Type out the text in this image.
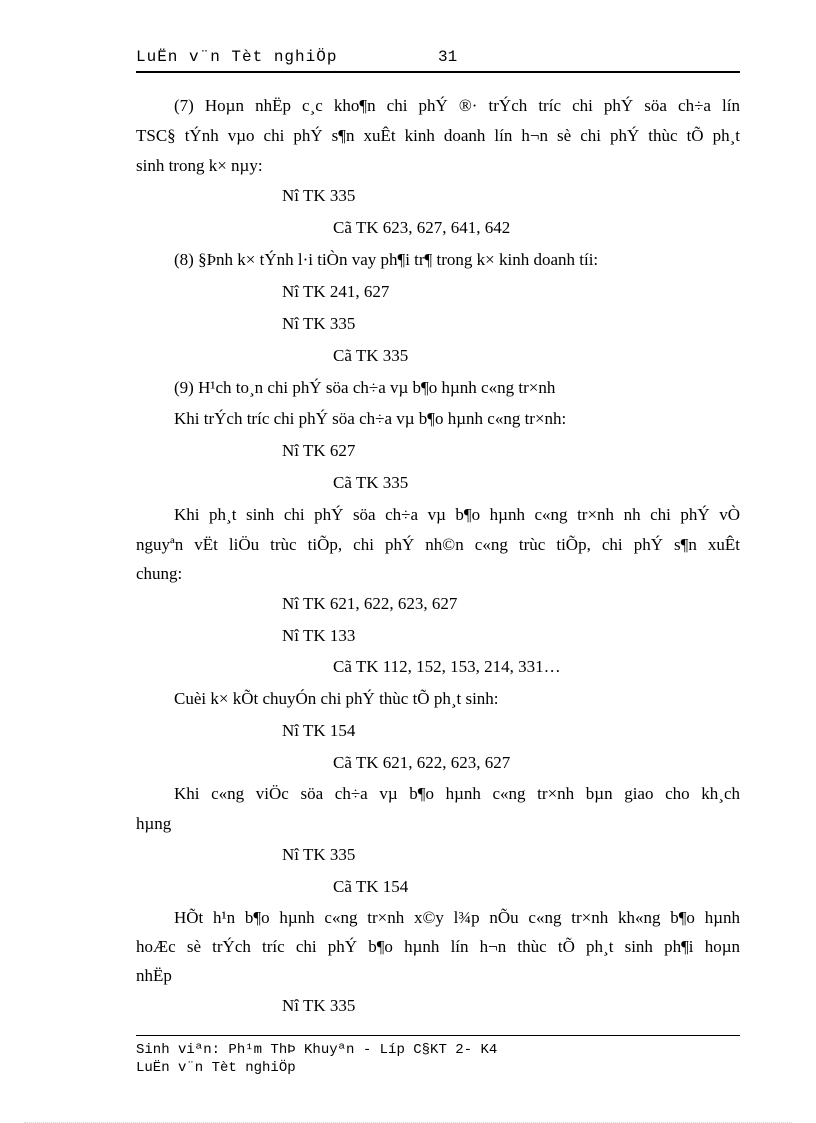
LuËn v¨n Tèt nghiÖp	31
(7) Hoµn nhËp c¸c kho¶n chi phÝ ®· trÝch tríc chi phÝ söa ch÷a lín
TSC§ tÝnh vµo chi phÝ s¶n xuÊt kinh doanh lín h¬n sè chi phÝ thùc tÕ ph¸t
sinh trong k× nµy:
Nî TK 335
Cã TK 623, 627, 641, 642
(8) §Þnh k× tÝnh l·i tiÒn vay ph¶i tr¶ trong k× kinh doanh tíi:
Nî TK 241, 627
Nî TK 335
Cã TK 335
(9) H¹ch to¸n chi phÝ söa ch÷a vµ b¶o hµnh c«ng tr×nh
Khi trÝch tríc chi phÝ söa ch÷a vµ b¶o hµnh c«ng tr×nh:
Nî TK 627
Cã TK 335
Khi ph¸t sinh chi phÝ söa ch÷a vµ b¶o hµnh c«ng tr×nh nh chi phÝ vÒ
nguyªn vËt liÖu trùc tiÕp, chi phÝ nh©n c«ng trùc tiÕp, chi phÝ s¶n xuÊt
chung:
Nî TK 621, 622, 623, 627
Nî TK 133
Cã TK 112, 152, 153, 214, 331…
Cuèi k× kÕt chuyÓn chi phÝ thùc tÕ ph¸t sinh:
Nî TK 154
Cã TK 621, 622, 623, 627
Khi c«ng viÖc söa ch÷a vµ b¶o hµnh c«ng tr×nh bµn giao cho kh¸ch
hµng
Nî TK 335
Cã TK 154
HÕt h¹n b¶o hµnh c«ng tr×nh x©y l¾p nÕu c«ng tr×nh kh«ng b¶o hµnh
hoÆc sè trÝch tríc chi phÝ b¶o hµnh lín h¬n thùc tÕ ph¸t sinh ph¶i hoµn
nhËp
Nî TK 335
Sinh viªn: Ph¹m ThÞ Khuyªn - Líp C§KT 2- K4
LuËn v¨n Tèt nghiÖp
